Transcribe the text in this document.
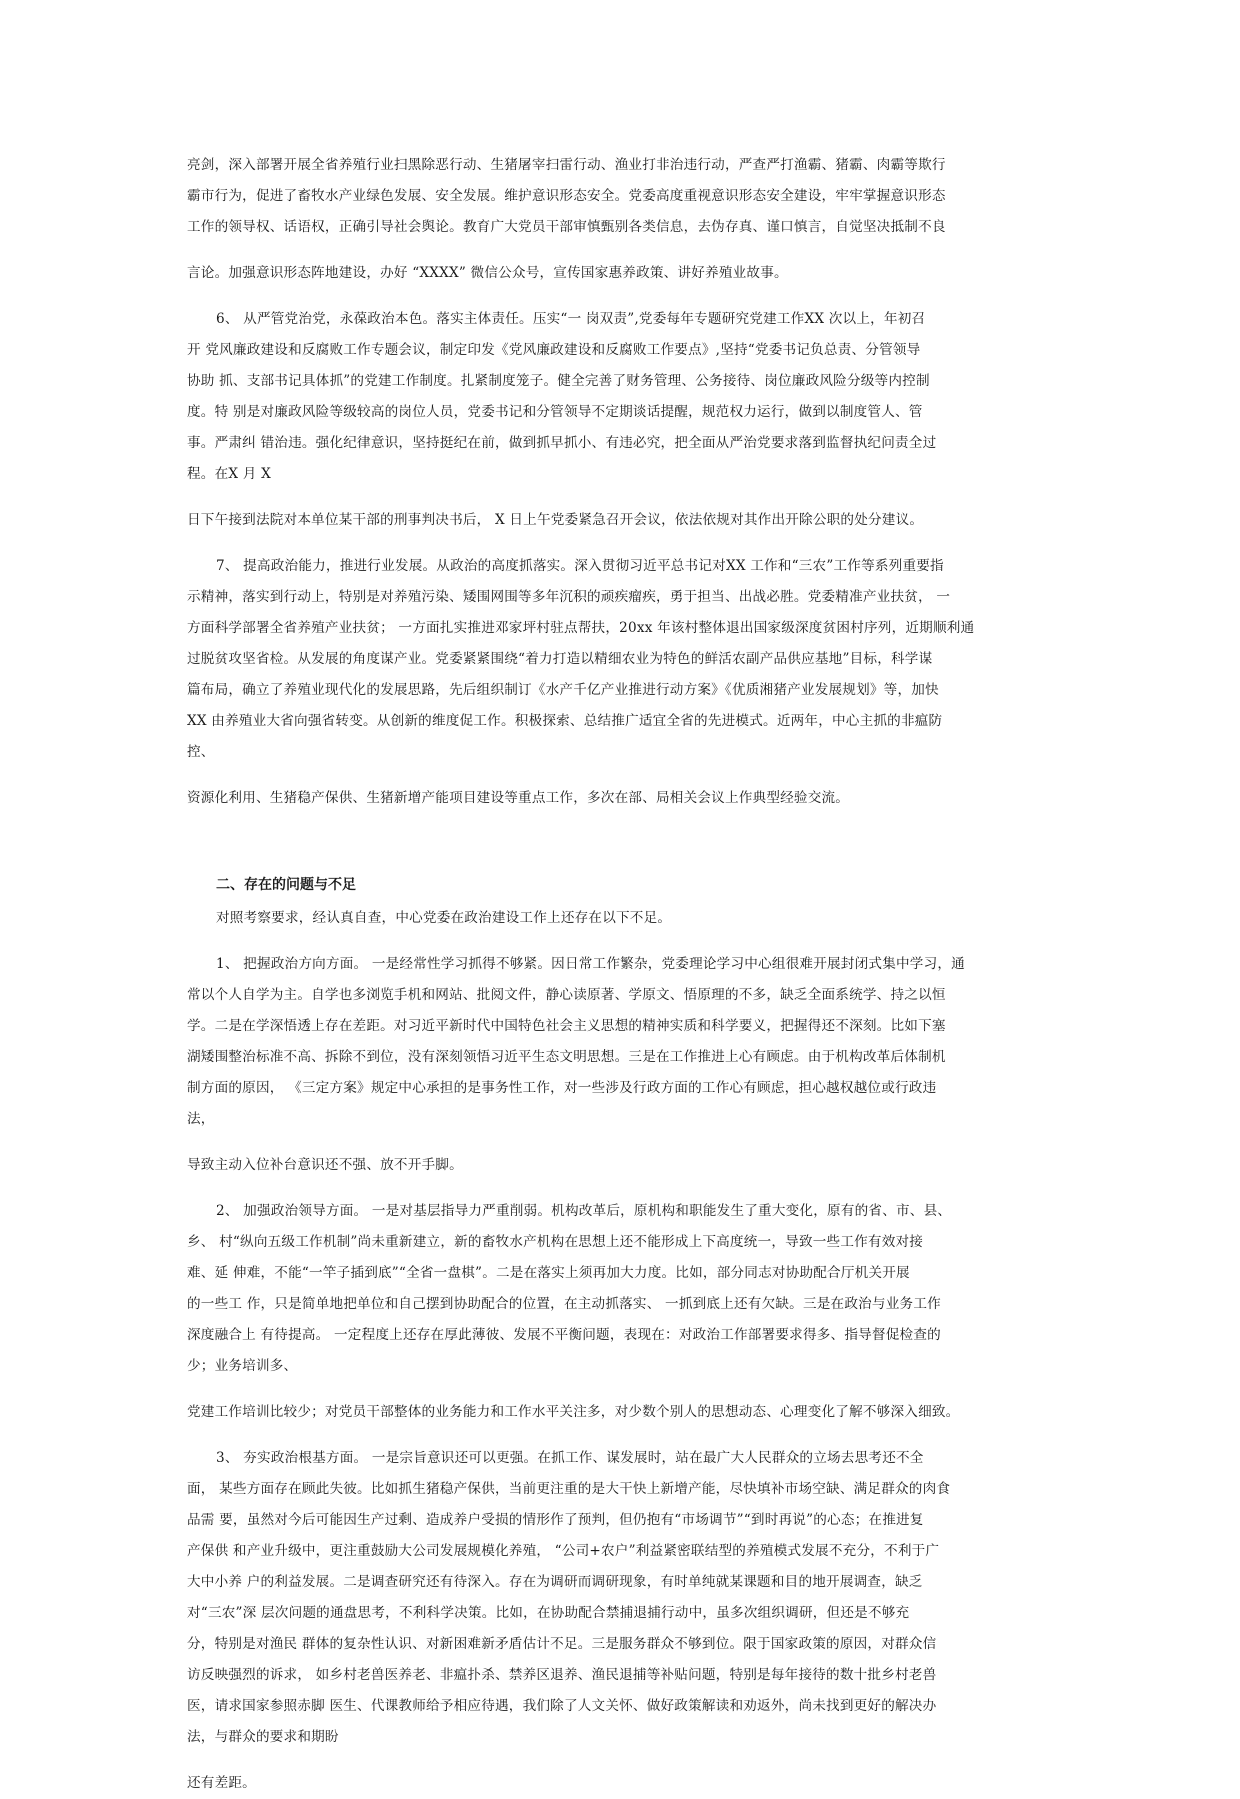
亮剑，深入部署开展全省养殖行业扫黑除恶行动、生猪屠宰扫雷行动、渔业打非治违行动，严查严打渔霸、猪霸、肉霸等欺行
霸市行为，促进了畜牧水产业绿色发展、安全发展。维护意识形态安全。党委高度重视意识形态安全建设，牢牢掌握意识形态
工作的领导权、话语权，正确引导社会舆论。教育广大党员干部审慎甄别各类信息，去伪存真、谨口慎言，自觉坚决抵制不良
言论。加强意识形态阵地建设，办好 “XXXX” 微信公众号，宣传国家惠养政策、讲好养殖业故事。
6、 从严管党治党，永葆政治本色。落实主体责任。压实“一 岗双责”,党委每年专题研究党建工作XX 次以上，年初召
开 党风廉政建设和反腐败工作专题会议，制定印发《党风廉政建设和反腐败工作要点》,坚持“党委书记负总责、分管领导
协助 抓、支部书记具体抓”的党建工作制度。扎紧制度笼子。健全完善了财务管理、公务接待、岗位廉政风险分级等内控制
度。特 别是对廉政风险等级较高的岗位人员，党委书记和分管领导不定期谈话提醒，规范权力运行，做到以制度管人、管
事。严肃纠 错治违。强化纪律意识，坚持挺纪在前，做到抓早抓小、有违必究，把全面从严治党要求落到监督执纪问责全过
程。在X 月 X
日下午接到法院对本单位某干部的刑事判决书后， X 日上午党委紧急召开会议，依法依规对其作出开除公职的处分建议。
7、 提高政治能力，推进行业发展。从政治的高度抓落实。深入贯彻习近平总书记对XX 工作和“三农”工作等系列重要指
示精神，落实到行动上，特别是对养殖污染、矮围网围等多年沉积的顽疾瘤疾，勇于担当、出战必胜。党委精准产业扶贫， 一
方面科学部署全省养殖产业扶贫； 一方面扎实推进邓家坪村驻点帮扶，20xx 年该村整体退出国家级深度贫困村序列，近期顺利通
过脱贫攻坚省检。从发展的角度谋产业。党委紧紧围绕“着力打造以精细农业为特色的鲜活农副产品供应基地”目标，科学谋
篇布局，确立了养殖业现代化的发展思路，先后组织制订《水产千亿产业推进行动方案》《优质湘猪产业发展规划》等，加快
XX 由养殖业大省向强省转变。从创新的维度促工作。积极探索、总结推广适宜全省的先进模式。近两年，中心主抓的非瘟防
控、
资源化利用、生猪稳产保供、生猪新增产能项目建设等重点工作，多次在部、局相关会议上作典型经验交流。
二、存在的问题与不足
对照考察要求，经认真自查，中心党委在政治建设工作上还存在以下不足。
1、 把握政治方向方面。 一是经常性学习抓得不够紧。因日常工作繁杂，党委理论学习中心组很难开展封闭式集中学习，通
常以个人自学为主。自学也多浏览手机和网站、批阅文件，静心读原著、学原文、悟原理的不多，缺乏全面系统学、持之以恒
学。二是在学深悟透上存在差距。对习近平新时代中国特色社会主义思想的精神实质和科学要义，把握得还不深刻。比如下塞
湖矮围整治标准不高、拆除不到位，没有深刻领悟习近平生态文明思想。三是在工作推进上心有顾虑。由于机构改革后体制机
制方面的原因， 《三定方案》规定中心承担的是事务性工作，对一些涉及行政方面的工作心有顾虑，担心越权越位或行政违
法，
导致主动入位补台意识还不强、放不开手脚。
2、 加强政治领导方面。 一是对基层指导力严重削弱。机构改革后，原机构和职能发生了重大变化，原有的省、市、县、
乡、 村“纵向五级工作机制”尚未重新建立，新的畜牧水产机构在思想上还不能形成上下高度统一，导致一些工作有效对接
难、延 伸难，不能“一竿子插到底”“全省一盘棋”。二是在落实上须再加大力度。比如，部分同志对协助配合厅机关开展
的一些工 作，只是简单地把单位和自己摆到协助配合的位置，在主动抓落实、 一抓到底上还有欠缺。三是在政治与业务工作
深度融合上 有待提高。 一定程度上还存在厚此薄彼、发展不平衡问题，表现在：对政治工作部署要求得多、指导督促检查的
少；业务培训多、
党建工作培训比较少；对党员干部整体的业务能力和工作水平关注多，对少数个别人的思想动态、心理变化了解不够深入细致。
3、 夯实政治根基方面。 一是宗旨意识还可以更强。在抓工作、谋发展时，站在最广大人民群众的立场去思考还不全
面， 某些方面存在顾此失彼。比如抓生猪稳产保供，当前更注重的是大干快上新增产能，尽快填补市场空缺、满足群众的肉食
品需 要，虽然对今后可能因生产过剩、造成养户受损的情形作了预判，但仍抱有“市场调节”“到时再说”的心态；在推进复
产保供 和产业升级中，更注重鼓励大公司发展规模化养殖， “公司+农户”利益紧密联结型的养殖模式发展不充分，不利于广
大中小养 户的利益发展。二是调查研究还有待深入。存在为调研而调研现象，有时单纯就某课题和目的地开展调查，缺乏
对“三农”深 层次问题的通盘思考，不利科学决策。比如，在协助配合禁捕退捕行动中，虽多次组织调研，但还是不够充
分，特别是对渔民 群体的复杂性认识、对新困难新矛盾估计不足。三是服务群众不够到位。限于国家政策的原因，对群众信
访反映强烈的诉求， 如乡村老兽医养老、非瘟扑杀、禁养区退养、渔民退捕等补贴问题，特别是每年接待的数十批乡村老兽
医，请求国家参照赤脚 医生、代课教师给予相应待遇，我们除了人文关怀、做好政策解读和劝返外，尚未找到更好的解决办
法，与群众的要求和期盼
还有差距。
